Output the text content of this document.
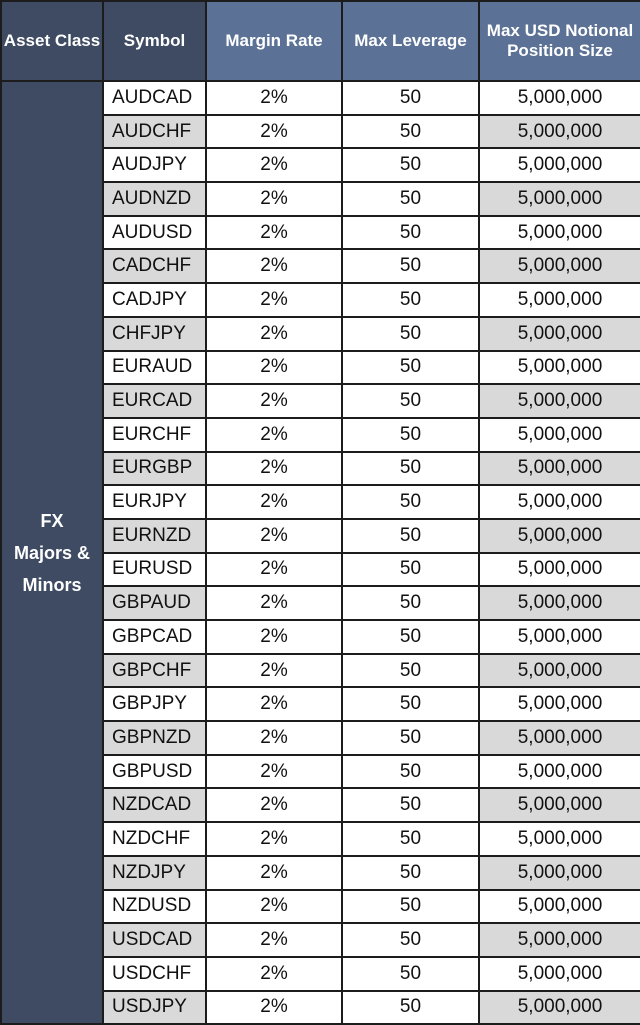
Asset Class	Symbol	Margin Rate	Max Leverage	Max USD Notional Position Size

FX
Majors &
Minors	AUDCAD	2%	50	5,000,000
	AUDCHF	2%	50	5,000,000
	AUDJPY	2%	50	5,000,000
	AUDNZD	2%	50	5,000,000
	AUDUSD	2%	50	5,000,000
	CADCHF	2%	50	5,000,000
	CADJPY	2%	50	5,000,000
	CHFJPY	2%	50	5,000,000
	EURAUD	2%	50	5,000,000
	EURCAD	2%	50	5,000,000
	EURCHF	2%	50	5,000,000
	EURGBP	2%	50	5,000,000
	EURJPY	2%	50	5,000,000
	EURNZD	2%	50	5,000,000
	EURUSD	2%	50	5,000,000
	GBPAUD	2%	50	5,000,000
	GBPCAD	2%	50	5,000,000
	GBPCHF	2%	50	5,000,000
	GBPJPY	2%	50	5,000,000
	GBPNZD	2%	50	5,000,000
	GBPUSD	2%	50	5,000,000
	NZDCAD	2%	50	5,000,000
	NZDCHF	2%	50	5,000,000
	NZDJPY	2%	50	5,000,000
	NZDUSD	2%	50	5,000,000
	USDCAD	2%	50	5,000,000
	USDCHF	2%	50	5,000,000
	USDJPY	2%	50	5,000,000
